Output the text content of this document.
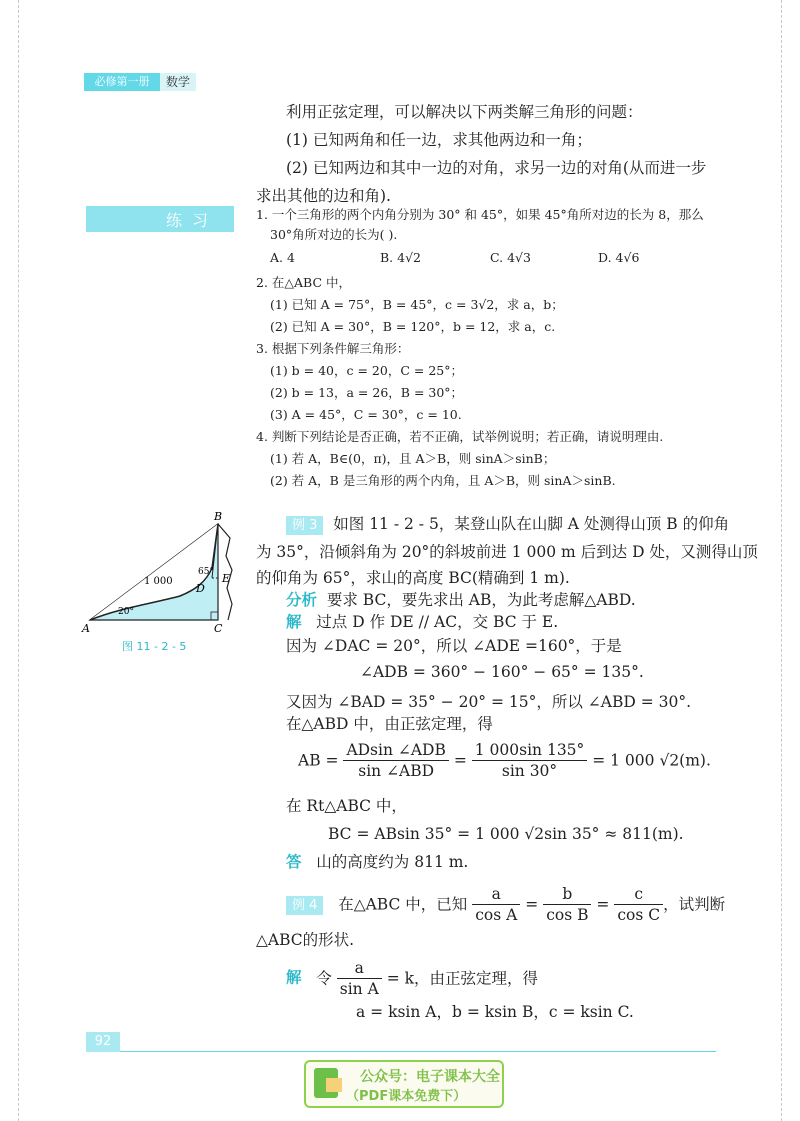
必修第一册	数学
利用正弦定理，可以解决以下两类解三角形的问题：
(1) 已知两角和任一边，求其他两边和一角；
(2) 已知两边和其中一边的对角，求另一边的对角(从而进一步
求出其他的边和角).
练习	1. 一个三角形的两个内角分别为 30° 和 45°，如果 45°角所对边的长为 8，那么
30°角所对边的长为( ).
A. 4	B. 4√2	C. 4√3	D. 4√6
2. 在△ABC 中，
(1) 已知 A = 75°，B = 45°，c = 3√2，求 a，b；
(2) 已知 A = 30°，B = 120°，b = 12，求 a，c.
3. 根据下列条件解三角形：
(1) b = 40，c = 20，C = 25°；
(2) b = 13，a = 26，B = 30°；
(3) A = 45°，C = 30°，c = 10.
4. 判断下列结论是否正确，若不正确，试举例说明；若正确，请说明理由.
(1) 若 A，B∈(0，π)，且 A＞B，则 sinA＞sinB；
(2) 若 A，B 是三角形的两个内角，且 A＞B，则 sinA＞sinB.
B
A	C
D
E
1 000
20°
65°
图 11 - 2 - 5
例 3 如图 11 - 2 - 5，某登山队在山脚 A 处测得山顶 B 的仰角
为 35°，沿倾斜角为 20°的斜坡前进 1 000 m 后到达 D 处，又测得山顶
的仰角为 65°，求山的高度 BC(精确到 1 m).
分析 要求 BC，要先求出 AB，为此考虑解△ABD.
解 过点 D 作 DE // AC，交 BC 于 E.
因为 ∠DAC = 20°，所以 ∠ADE =160°，于是
∠ADB = 360° − 160° − 65° = 135°.
又因为 ∠BAD = 35° − 20° = 15°，所以 ∠ABD = 30°.
在△ABD 中，由正弦定理，得
AB = $\frac{\text{ADsin ∠ADB}}{\text{sin ∠ABD}} = \frac{1 000\sin 135^\circ}{\sin 30^\circ} = 1$ 000 √2(m).
在 Rt△ABC 中，
BC = ABsin 35° = 1 000 √2sin 35° ≈ 811(m).
答 山的高度约为 811 m.
例 4 在△ABC 中，已知 $\frac{a}{\text{cos A}} = \frac{b}{\text{cos B}} = \frac{c}{\text{cos C}}$ ，试判断
△ABC的形状.
解 令 $\frac{a}{\text{sin A}} = k$，由正弦定理，得
a = ksin A，b = ksin B，c = ksin C.
92
公众号：电子课本大全
（PDF课本免费下）
